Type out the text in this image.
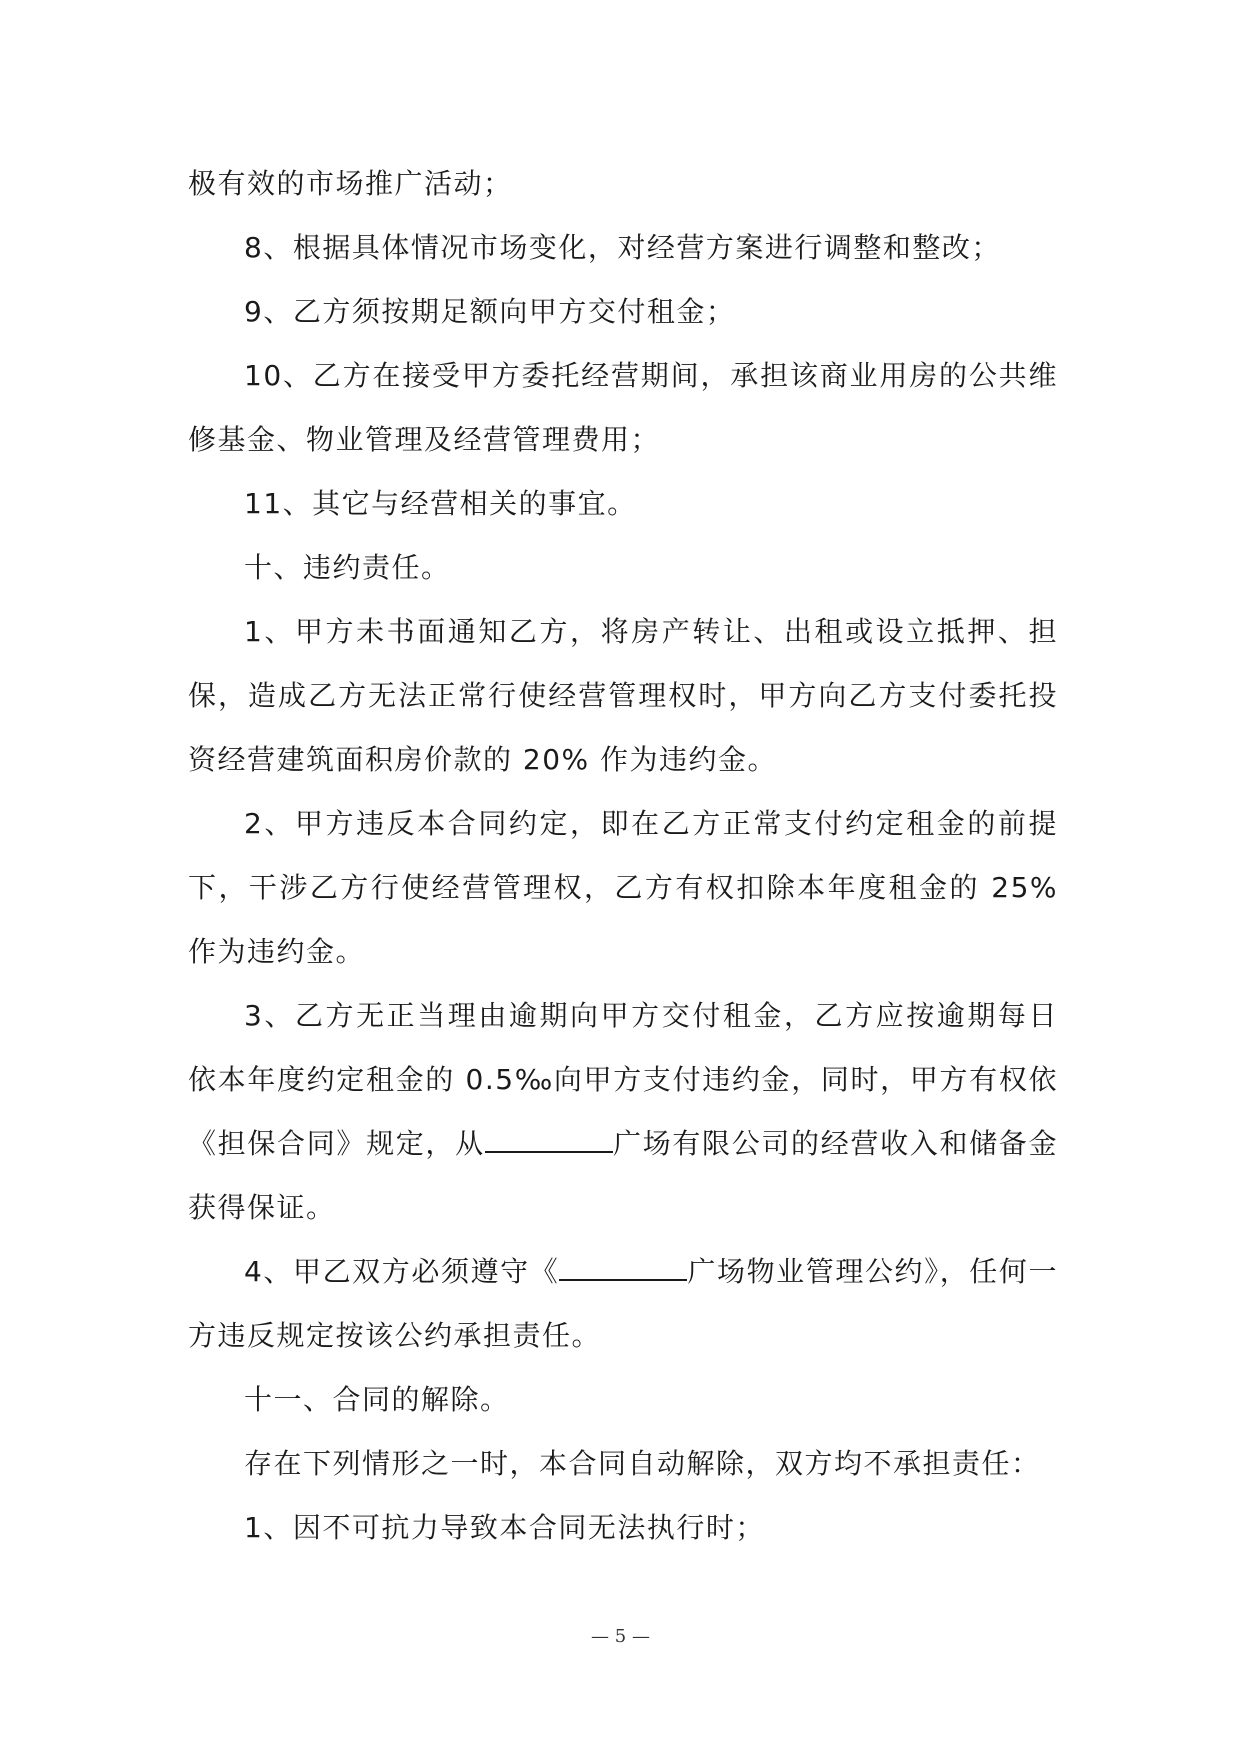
极有效的市场推广活动；

8、根据具体情况市场变化，对经营方案进行调整和整改；

9、乙方须按期足额向甲方交付租金；

10、乙方在接受甲方委托经营期间，承担该商业用房的公共维修基金、物业管理及经营管理费用；

11、其它与经营相关的事宜。

十、违约责任。

1、甲方未书面通知乙方，将房产转让、出租或设立抵押、担保，造成乙方无法正常行使经营管理权时，甲方向乙方支付委托投资经营建筑面积房价款的 20% 作为违约金。

2、甲方违反本合同约定，即在乙方正常支付约定租金的前提下，干涉乙方行使经营管理权，乙方有权扣除本年度租金的 25%作为违约金。

3、乙方无正当理由逾期向甲方交付租金，乙方应按逾期每日依本年度约定租金的 0.5‰向甲方支付违约金，同时，甲方有权依《担保合同》规定，从	广场有限公司的经营收入和储备金获得保证。

4、甲乙双方必须遵守《	广场物业管理公约》，任何一方违反规定按该公约承担责任。

十一、合同的解除。

存在下列情形之一时，本合同自动解除，双方均不承担责任：

1、因不可抗力导致本合同无法执行时；

— 5 —
